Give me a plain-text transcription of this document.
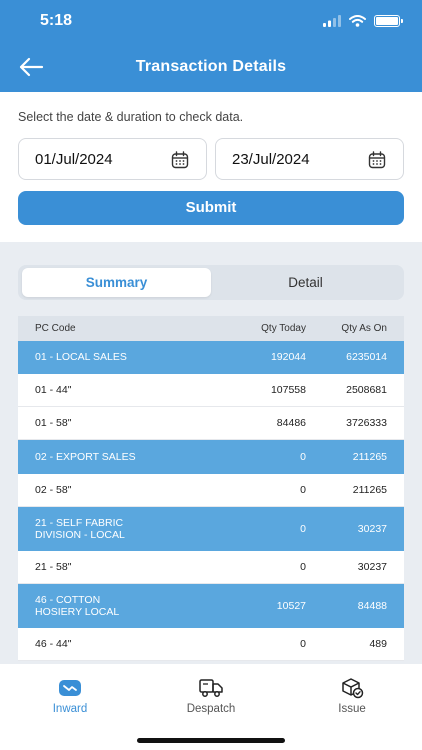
5:18
Transaction Details
Select the date & duration to check data.
01/Jul/2024	23/Jul/2024
Submit
Summary	Detail
PC Code	Qty Today	Qty As On
01 - LOCAL SALES	192044	6235014
01 - 44"	107558	2508681
01 - 58"	84486	3726333
02 - EXPORT SALES	0	211265
02 - 58"	0	211265
21 - SELF FABRIC DIVISION - LOCAL	0	30237
21 - 58"	0	30237
46 - COTTON HOSIERY LOCAL	10527	84488
46 - 44"	0	489
Inward	Despatch	Issue
